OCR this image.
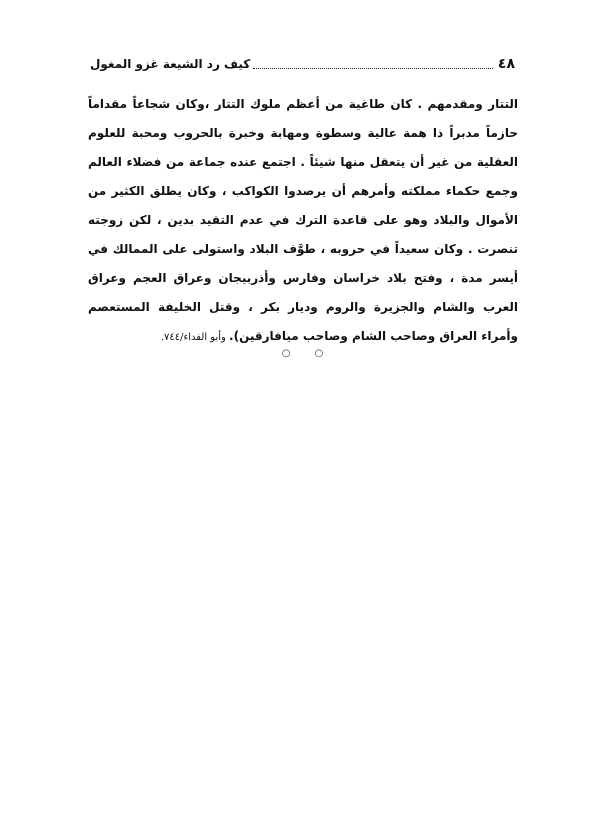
٤٨
كيف رد الشيعة غزو المغول

التتار ومقدمهم . كان طاغية من أعظم ملوك التتار ،وكان شجاعاً مقداماً حازماً مدبراً ذا همة عالية وسطوة ومهابة وخبرة بالحروب ومحبة للعلوم العقلية من غير أن يتعقل منها شيئاً . اجتمع عنده جماعة من فضلاء العالم وجمع حكماء مملكته وأمرهم أن يرصدوا الكواكب ، وكان يطلق الكثير من الأموال والبلاد وهو على قاعدة الترك في عدم التقيد بدين ، لكن زوجته تنصرت . وكان سعيداً في حروبه ، طوَّف البلاد واستولى على الممالك في أيسر مدة ، وفتح بلاد خراسان وفارس وأذربيجان وعراق العجم وعراق العرب والشام والجزيرة والروم وديار بكر ، وقتل الخليفة المستعصم وأمراء العراق وصاحب الشام وصاحب ميافارقين). وأبو الفداء/٧٤٤.

○ ○
